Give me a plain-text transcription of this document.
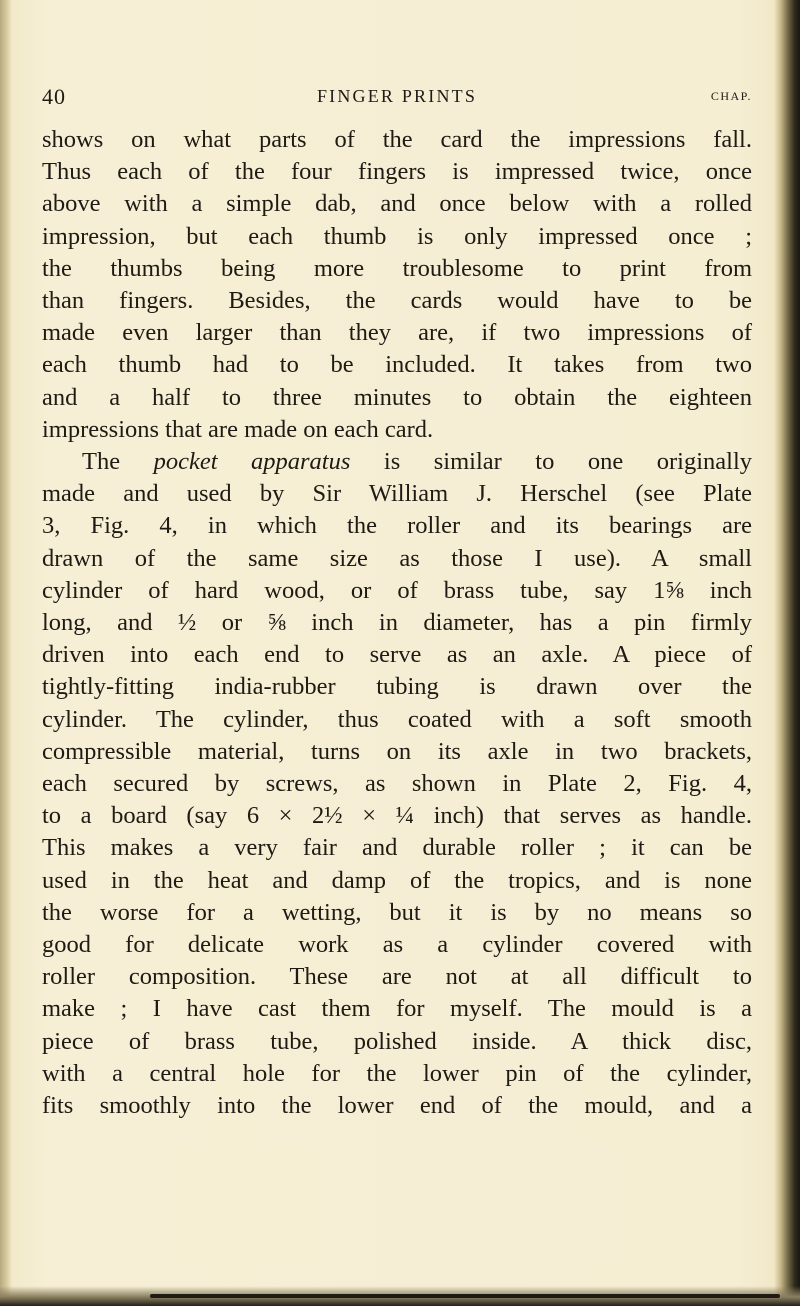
40	FINGER PRINTS	CHAP.
shows on what parts of the card the impressions fall.
Thus each of the four fingers is impressed twice, once
above with a simple dab, and once below with a rolled
impression, but each thumb is only impressed once ;
the thumbs being more troublesome to print from
than fingers. Besides, the cards would have to be
made even larger than they are, if two impressions of
each thumb had to be included. It takes from two
and a half to three minutes to obtain the eighteen
impressions that are made on each card.
The pocket apparatus is similar to one originally
made and used by Sir William J. Herschel (see Plate
3, Fig. 4, in which the roller and its bearings are
drawn of the same size as those I use). A small
cylinder of hard wood, or of brass tube, say 1⅝ inch
long, and ½ or ⅝ inch in diameter, has a pin firmly
driven into each end to serve as an axle. A piece of
tightly-fitting india-rubber tubing is drawn over the
cylinder. The cylinder, thus coated with a soft smooth
compressible material, turns on its axle in two brackets,
each secured by screws, as shown in Plate 2, Fig. 4,
to a board (say 6 × 2½ × ¼ inch) that serves as handle.
This makes a very fair and durable roller ; it can be
used in the heat and damp of the tropics, and is none
the worse for a wetting, but it is by no means so
good for delicate work as a cylinder covered with
roller composition. These are not at all difficult to
make ; I have cast them for myself. The mould is a
piece of brass tube, polished inside. A thick disc,
with a central hole for the lower pin of the cylinder,
fits smoothly into the lower end of the mould, and a
